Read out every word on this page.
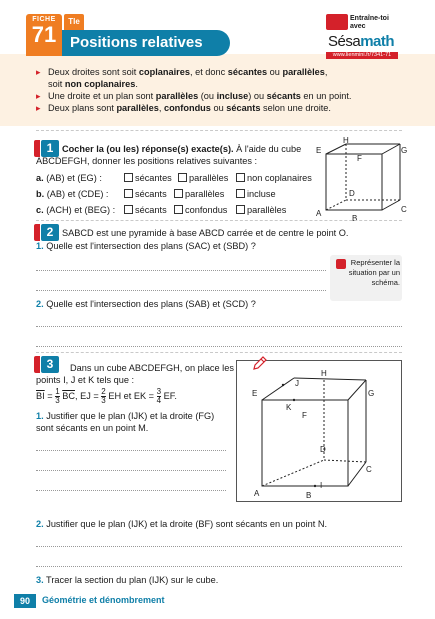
FICHE
71
Tle
Positions relatives
Entraîne-toi avec
Sésamath
www.lienmini.fr/7341-71
▸ Deux droites sont soit coplanaires, et donc sécantes ou parallèles,
soit non coplanaires.
▸ Une droite et un plan sont parallèles (ou incluse) ou sécants en un point.
▸ Deux plans sont parallèles, confondus ou sécants selon une droite.
1 Cocher la (ou les) réponse(s) exacte(s). À l'aide du cube
ABCDEFGH, donner les positions relatives suivantes :
a. (AB) et (EG) :	sécantes	parallèles	non coplanaires
b. (AB) et (CDE) :	sécants	parallèles	incluse
c. (ACH) et (BEG) :	sécants	confondus	parallèles
H
E
F
G
D
A
B
C
2 SABCD est une pyramide à base ABCD carrée et de centre le point O.
1. Quelle est l'intersection des plans (SAC) et (SBD) ?
Représenter la situation par un schéma.
2. Quelle est l'intersection des plans (SAB) et (SCD) ?
3	Dans un cube ABCDEFGH, on place les
points I, J et K tels que :
$\overline{BI} = \frac{1}{3} \overline{BC}$, EJ = $\frac{2}{3}$ EH et EK = $\frac{3}{4}$ EF.
1. Justifier que le plan (IJK) et la droite (FG)
sont sécants en un point M.
H
E
J
K
F
G
D
A	B
I
C
2. Justifier que le plan (IJK) et la droite (BF) sont sécants en un point N.
3. Tracer la section du plan (IJK) sur le cube.
90	Géométrie et dénombrement
